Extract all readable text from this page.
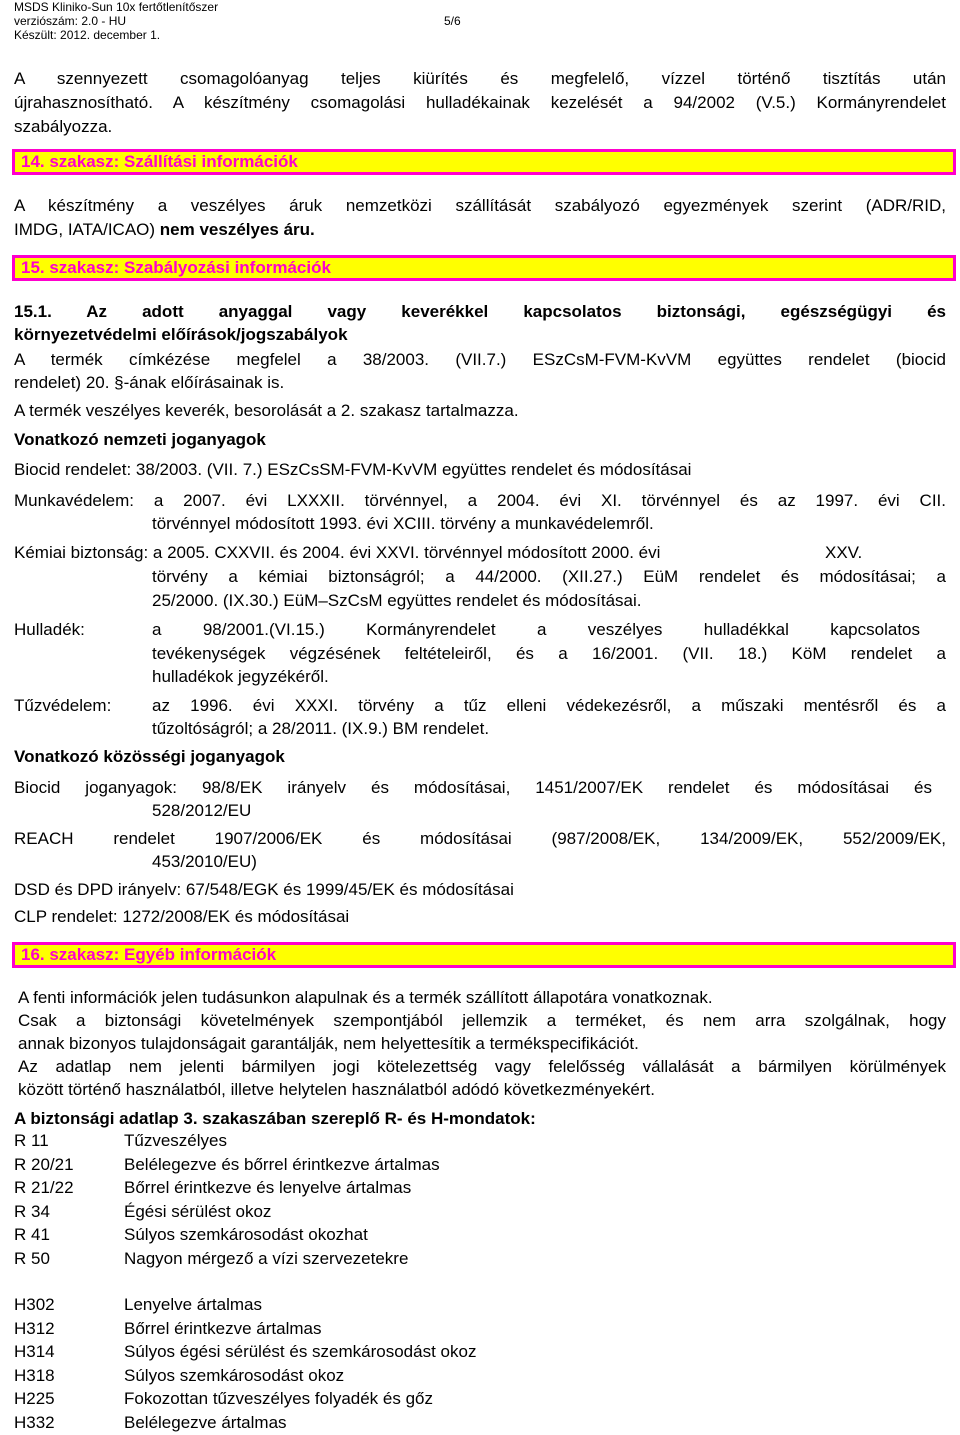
MSDS Kliniko-Sun 10x fertőtlenítőszer
verziószám: 2.0 - HU	5/6
Készült: 2012. december 1.
A szennyezett csomagolóanyag teljes kiürítés és megfelelő, vízzel történő tisztítás után
újrahasznosítható. A készítmény csomagolási hulladékainak kezelését a 94/2002 (V.5.) Kormányrendelet
szabályozza.
14. szakasz: Szállítási információk
A készítmény a veszélyes áruk nemzetközi szállítását szabályozó egyezmények szerint (ADR/RID,
IMDG, IATA/ICAO) nem veszélyes áru.
15. szakasz: Szabályozási információk
15.1. Az adott anyaggal vagy keverékkel kapcsolatos biztonsági, egészségügyi és
környezetvédelmi előírások/jogszabályok
A termék címkézése megfelel a 38/2003. (VII.7.) ESzCsM-FVM-KvVM együttes rendelet (biocid
rendelet) 20. §-ának előírásainak is.
A termék veszélyes keverék, besorolását a 2. szakasz tartalmazza.
Vonatkozó nemzeti joganyagok
Biocid rendelet: 38/2003. (VII. 7.) ESzCsSM-FVM-KvVM együttes rendelet és módosításai
Munkavédelem: a 2007. évi LXXXII. törvénnyel, a 2004. évi XI. törvénnyel és az 1997. évi CII.
törvénnyel módosított 1993. évi XCIII. törvény a munkavédelemről.
Kémiai biztonság: a 2005. CXXVII. és 2004. évi XXVI. törvénnyel módosított 2000. évi	XXV.
törvény a kémiai biztonságról; a 44/2000. (XII.27.) EüM rendelet és módosításai; a
25/2000. (IX.30.) EüM–SzCsM együttes rendelet és módosításai.
Hulladék:	a 98/2001.(VI.15.) Kormányrendelet a veszélyes hulladékkal kapcsolatos
tevékenységek végzésének feltételeiről, és a 16/2001. (VII. 18.) KöM rendelet a
hulladékok jegyzékéről.
Tűzvédelem: az 1996. évi XXXI. törvény a tűz elleni védekezésről, a műszaki mentésről és a
tűzoltóságról; a 28/2011. (IX.9.) BM rendelet.
Vonatkozó közösségi joganyagok
Biocid joganyagok: 98/8/EK irányelv és módosításai, 1451/2007/EK rendelet és módosításai és
528/2012/EU
REACH rendelet 1907/2006/EK és módosításai (987/2008/EK, 134/2009/EK, 552/2009/EK,
453/2010/EU)
DSD és DPD irányelv: 67/548/EGK és 1999/45/EK és módosításai
CLP rendelet: 1272/2008/EK és módosításai
16. szakasz: Egyéb információk
A fenti információk jelen tudásunkon alapulnak és a termék szállított állapotára vonatkoznak.
Csak a biztonsági követelmények szempontjából jellemzik a terméket, és nem arra szolgálnak, hogy
annak bizonyos tulajdonságait garantálják, nem helyettesítik a termékspecifikációt.
Az adatlap nem jelenti bármilyen jogi kötelezettség vagy felelősség vállalását a bármilyen körülmények
között történő használatból, illetve helytelen használatból adódó következményekért.
A biztonsági adatlap 3. szakaszában szereplő R- és H-mondatok:
R 11	Tűzveszélyes
R 20/21	Belélegezve és bőrrel érintkezve ártalmas
R 21/22	Bőrrel érintkezve és lenyelve ártalmas
R 34	Égési sérülést okoz
R 41	Súlyos szemkárosodást okozhat
R 50	Nagyon mérgező a vízi szervezetekre
H302	Lenyelve ártalmas
H312	Bőrrel érintkezve ártalmas
H314	Súlyos égési sérülést és szemkárosodást okoz
H318	Súlyos szemkárosodást okoz
H225	Fokozottan tűzveszélyes folyadék és gőz
H332	Belélegezve ártalmas
